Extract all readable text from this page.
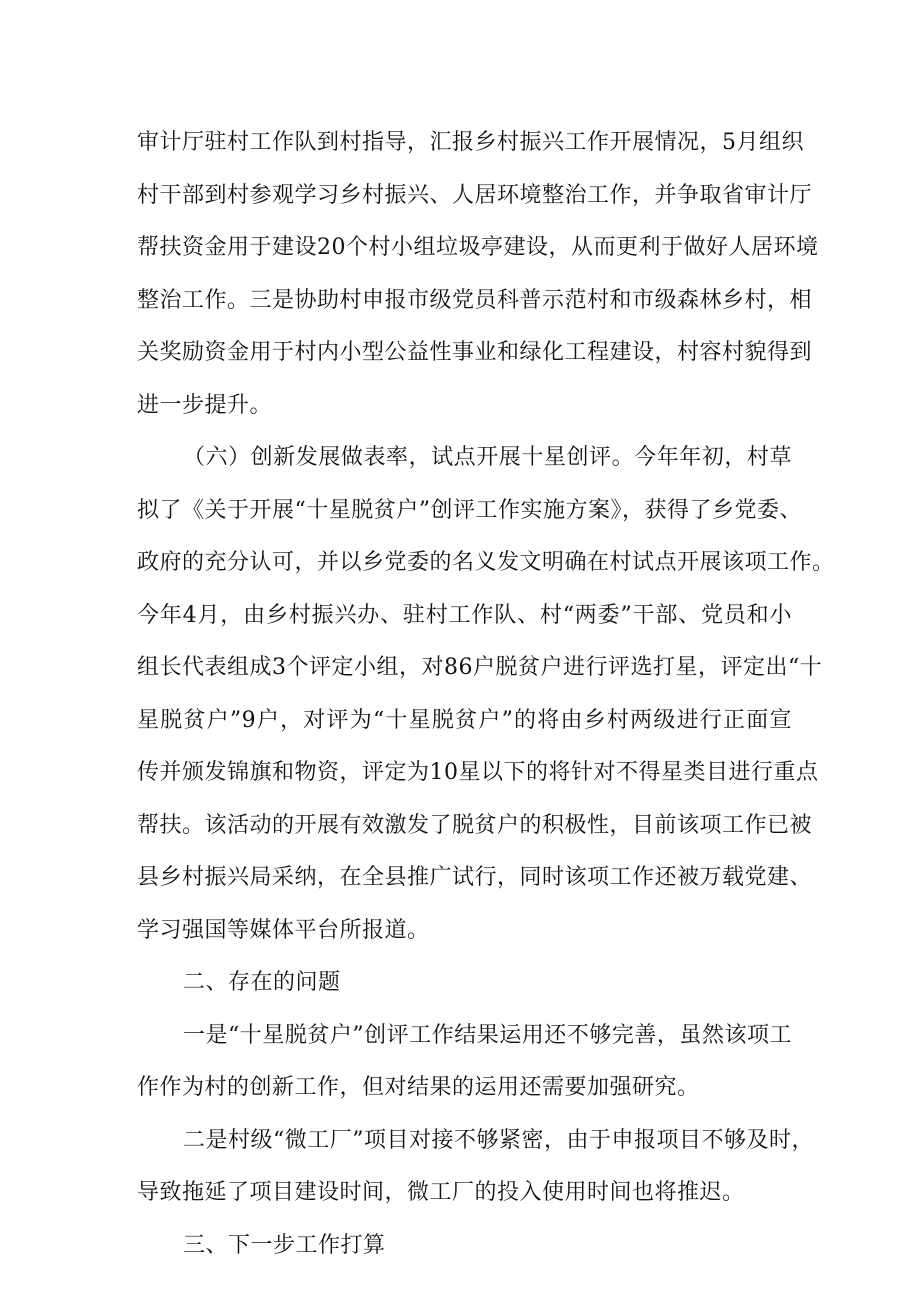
审计厅驻村工作队到村指导，汇报乡村振兴工作开展情况，5月组织
村干部到村参观学习乡村振兴、人居环境整治工作，并争取省审计厅
帮扶资金用于建设20个村小组垃圾亭建设，从而更利于做好人居环境
整治工作。三是协助村申报市级党员科普示范村和市级森林乡村，相
关奖励资金用于村内小型公益性事业和绿化工程建设，村容村貌得到
进一步提升。
（六）创新发展做表率，试点开展十星创评。今年年初，村草
拟了《关于开展“十星脱贫户”创评工作实施方案》，获得了乡党委、
政府的充分认可，并以乡党委的名义发文明确在村试点开展该项工作。
今年4月，由乡村振兴办、驻村工作队、村“两委”干部、党员和小
组长代表组成3个评定小组，对86户脱贫户进行评选打星，评定出“十
星脱贫户”9户，对评为“十星脱贫户”的将由乡村两级进行正面宣
传并颁发锦旗和物资，评定为10星以下的将针对不得星类目进行重点
帮扶。该活动的开展有效激发了脱贫户的积极性，目前该项工作已被
县乡村振兴局采纳，在全县推广试行，同时该项工作还被万载党建、
学习强国等媒体平台所报道。
二、存在的问题
一是“十星脱贫户”创评工作结果运用还不够完善，虽然该项工
作作为村的创新工作，但对结果的运用还需要加强研究。
二是村级“微工厂”项目对接不够紧密，由于申报项目不够及时，
导致拖延了项目建设时间，微工厂的投入使用时间也将推迟。
三、下一步工作打算
